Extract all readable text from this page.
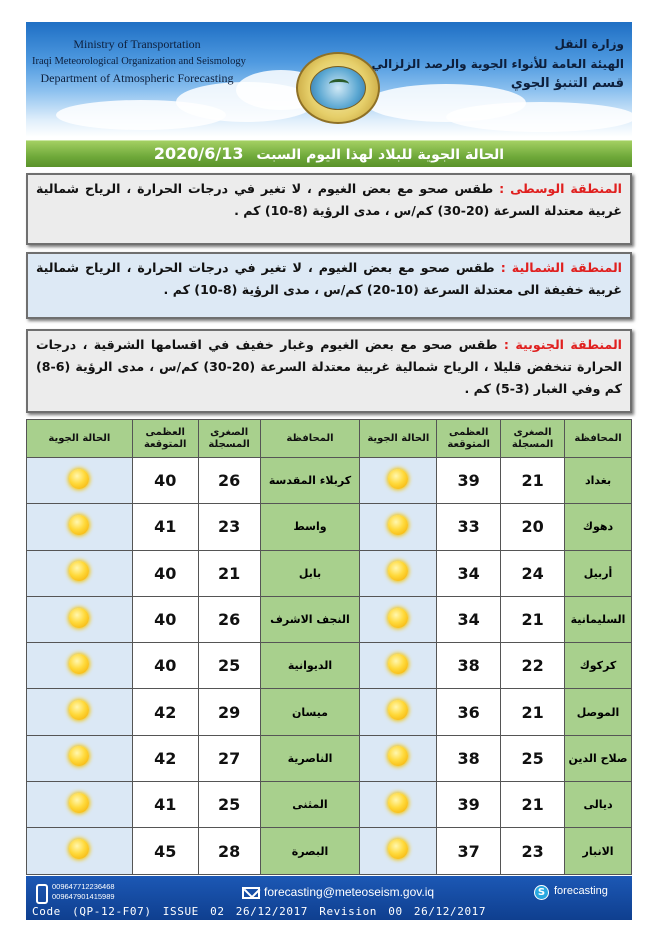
Ministry of Transportation
Iraqi Meteorological Organization and Seismology
Department of Atmospheric Forecasting
وزارة النقل
الهيئة العامة للأنواء الجوية والرصد الزلزالي
قسم التنبؤ الجوي
الحالة الجوية للبلاد لهذا اليوم السبت 2020/6/13
المنطقة الوسطى : طقس صحو مع بعض الغيوم ، لا تغير في درجات الحرارة ، الرياح شمالية غربية معتدلة السرعة (20-30) كم/س ، مدى الرؤية (8-10) كم .
المنطقة الشمالية : طقس صحو مع بعض الغيوم ، لا تغير في درجات الحرارة ، الرياح شمالية غربية خفيفة الى معتدلة السرعة (10-20) كم/س ، مدى الرؤية (8-10) كم .
المنطقة الجنوبية : طقس صحو مع بعض الغيوم وغبار خفيف في اقسامها الشرقية ، درجات الحرارة تنخفض قليلا ، الرياح شمالية غربية معتدلة السرعة (20-30) كم/س ، مدى الرؤية (6-8) كم وفي الغبار (3-5) كم .
المحافظة	الصغرى المسجلة	العظمى المتوقعة	الحالة الجوية	المحافظة	الصغرى المسجلة	العظمى المتوقعة	الحالة الجوية
بغداد	21	39		كربلاء المقدسة	26	40	
دهوك	20	33		واسط	23	41	
أربيل	24	34		بابل	21	40	
السليمانية	21	34		النجف الاشرف	26	40	
كركوك	22	38		الديوانية	25	40	
الموصل	21	36		ميسان	29	42	
صلاح الدين	25	38		الناصرية	27	42	
ديالى	21	39		المثنى	25	41	
الانبار	23	37		البصرة	28	45	
009647712236468
009647901415989	forecasting@meteoseism.gov.iq	S forecasting
Code (QP-12-F07) ISSUE 02 26/12/2017 Revision 00 26/12/2017
